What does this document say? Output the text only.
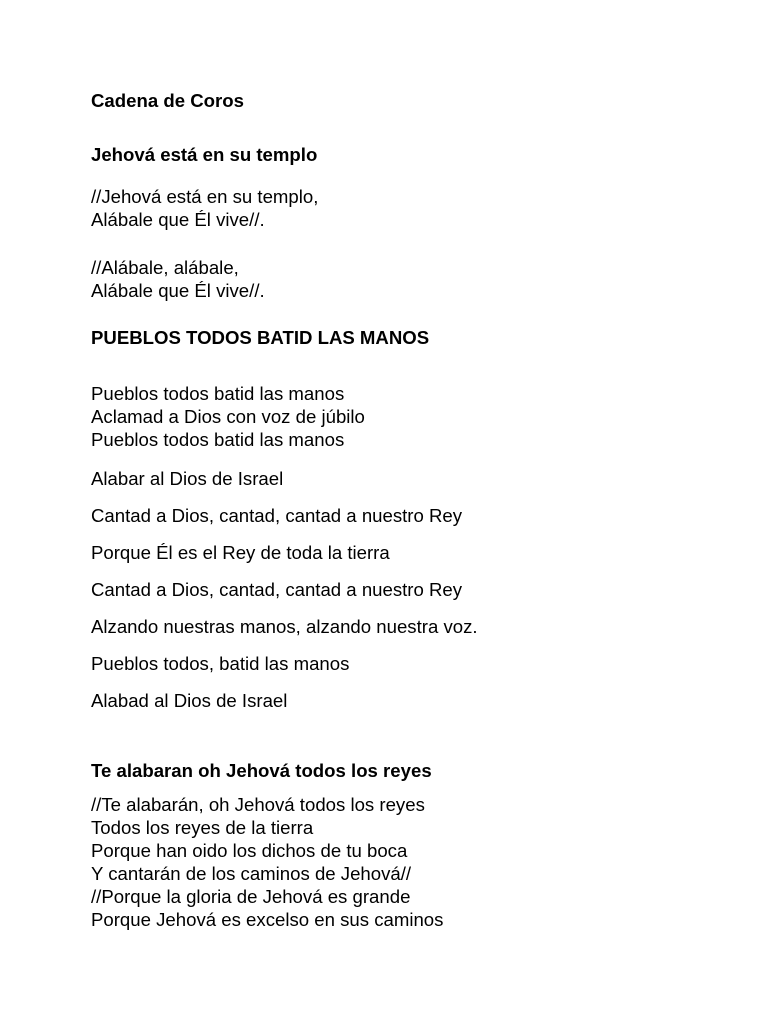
Cadena de Coros
Jehová está en su templo

//Jehová está en su templo,

Alábale que Él vive//.

//Alábale, alábale,

Alábale que Él vive//.

PUEBLOS TODOS BATID LAS MANOS

Pueblos todos batid las manos

Aclamad a Dios con voz de júbilo

Pueblos todos batid las manos

Alabar al Dios de Israel

Cantad a Dios, cantad, cantad a nuestro Rey

Porque Él es el Rey de toda la tierra

Cantad a Dios, cantad, cantad a nuestro Rey

Alzando nuestras manos, alzando nuestra voz.

Pueblos todos, batid las manos

Alabad al Dios de Israel

Te alabaran oh Jehová todos los reyes

//Te alabarán, oh Jehová todos los reyes

Todos los reyes de la tierra

Porque han oido los dichos de tu boca

Y cantarán de los caminos de Jehová//

//Porque la gloria de Jehová es grande

Porque Jehová es excelso en sus caminos
